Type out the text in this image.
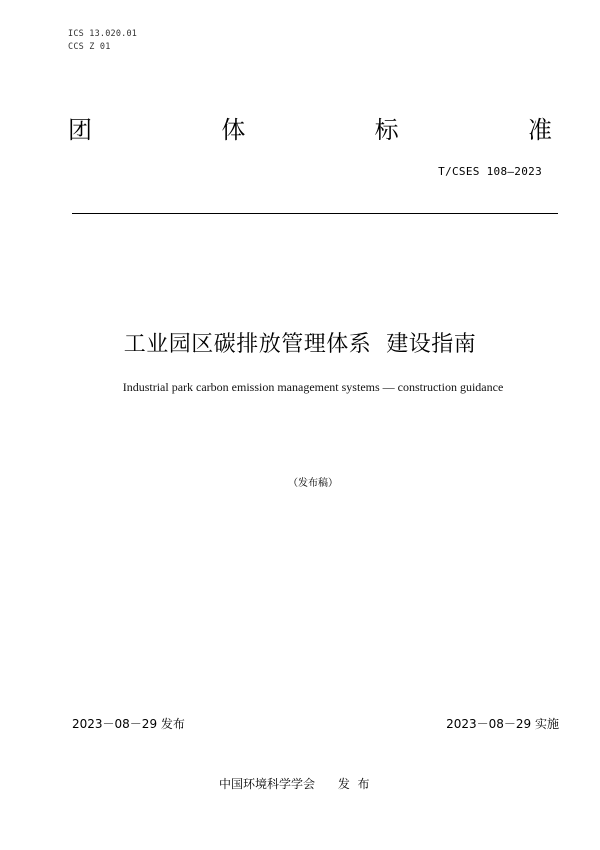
ICS 13.020.01
CCS Z 01
团	体	标	准
T/CSES 108—2023
工业园区碳排放管理体系  建设指南
Industrial park carbon emission management systems — construction guidance
（发布稿）
2023－08－29 发布	2023－08－29 实施
中国环境科学学会      发  布
